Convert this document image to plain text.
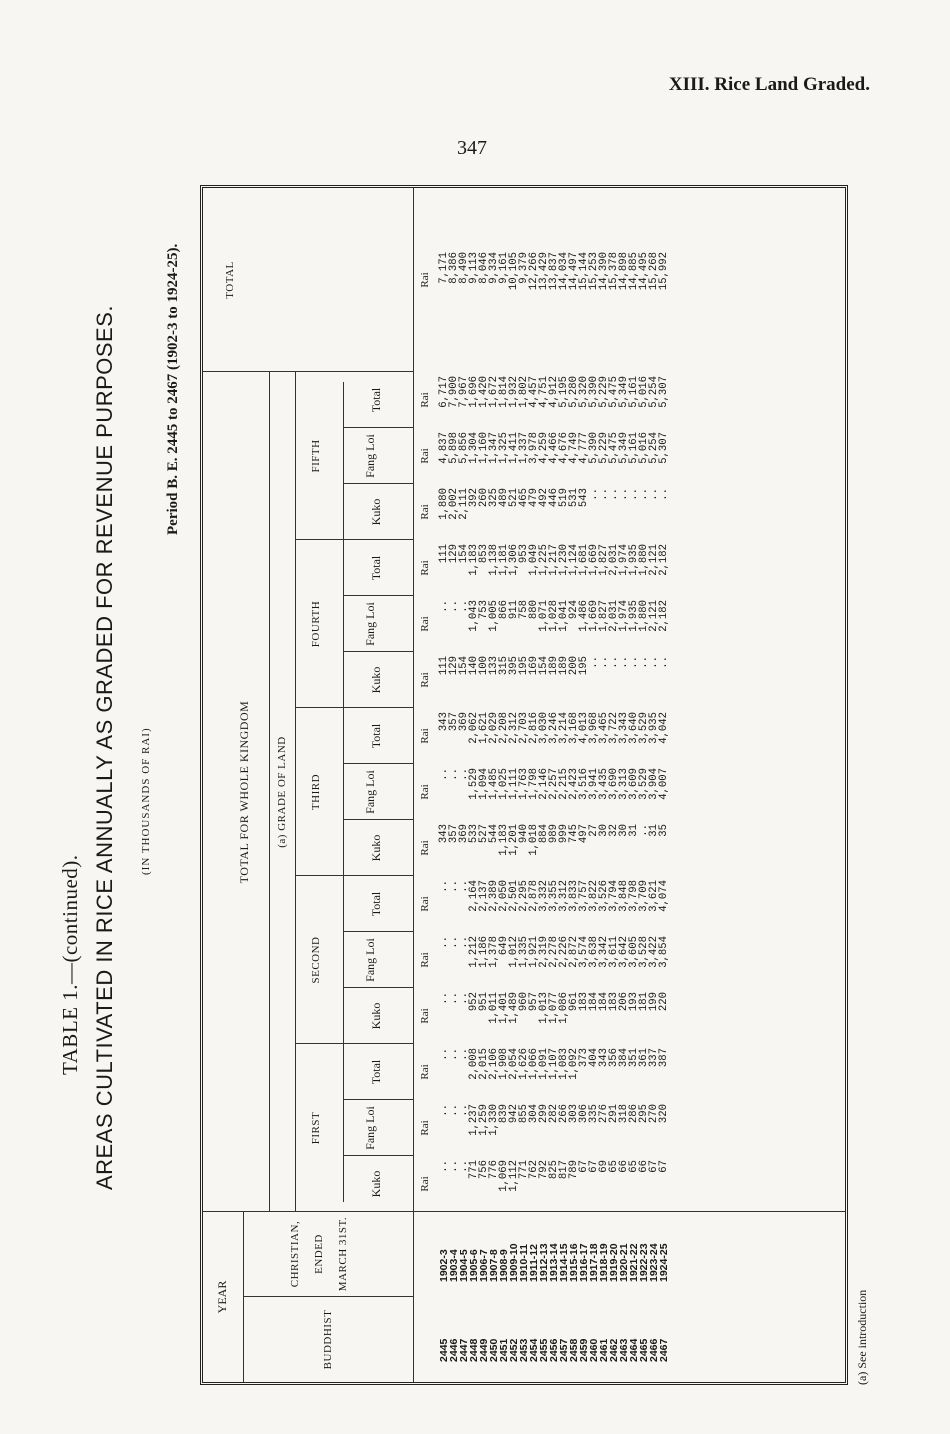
XIII. Rice Land Graded.
347
TABLE 1.—(continued). AREAS CULTIVATED IN RICE ANNUALLY AS GRADED FOR REVENUE PURPOSES. (IN THOUSANDS OF RAI)
Period B. E. 2445 to 2467 (1902-3 to 1924-25).
YEAR
BUDDHIST
CHRISTIAN, ENDED MARCH 31ST.
TOTAL FOR WHOLE KINGDOM (a) GRADE OF LAND
FIRST
SECOND
THIRD
FOURTH
FIFTH
TOTAL
Kuko
Fang Loi
Total
Kuko
Fang Loi
Total
Kuko
Fang Loi
Total
Kuko
Fang Loi
Total
Kuko
Fang Loi
Total
Rai
Rai
Rai
Rai
Rai
Rai
Rai
Rai
Rai
Rai
Rai
Rai
Rai
Rai
Rai
Rai
2445
2446
2447
2448
2449
2450
2451
2452
2453
2454
2455
2456
2457
2458
2459
2460
2461
2462
2463
2464
2465
2466
2467
1902-3
1903-4
1904-5
1905-6
1906-7
1907-8
1908-9
1909-10
1910-11
1911-12
1912-13
1913-14
1914-15
1915-16
1916-17
1917-18
1918-19
1919-20
1920-21
1921-22
1922-23
1923-24
1924-25
..
..
..
771
756
776
1,069
1,112
771
762
792
825
817
789
67
67
69
65
66
65
66
67
67
..
..
..
1,237
1,259
1,330
839
942
855
304
299
282
266
303
306
335
276
291
318
286
295
270
320
..
..
..
2,008
2,015
2,106
1,908
2,054
1,626
1,066
1,091
1,107
1,083
1,092
373
404
343
356
384
351
361
337
387
..
..
..
952
951
1,011
1,401
1,489
960
957
1,013
1,077
1,086
961
183
184
184
183
206
193
181
199
220
..
..
..
1,212
1,186
1,378
649
1,012
1,335
1,921
2,319
2,278
2,226
2,872
3,574
3,638
3,342
3,611
3,642
3,605
3,528
3,422
3,854
..
..
..
2,164
2,137
2,389
2,050
2,501
2,295
2,878
3,332
3,355
3,312
3,833
3,757
3,822
3,526
3,794
3,848
3,798
3,709
3,621
4,074
343
357
369
533
527
544
1,183
1,201
940
1,018
884
989
999
745
497
27
30
32
30
31
..
31
35
..
..
..
1,529
1,094
1,485
1,025
1,111
1,763
1,798
2,146
2,257
2,215
2,423
3,516
3,941
3,435
3,690
3,313
3,609
3,529
3,904
4,007
343
357
369
2,062
1,621
2,029
2,208
2,312
2,703
2,816
3,030
3,246
3,214
3,168
4,013
3,968
3,465
3,722
3,343
3,640
3,529
3,935
4,042
111
129
154
140
100
133
315
395
195
169
154
189
189
200
195
..
..
..
..
..
..
..
..
..
..
..
1,043
753
1,005
866
911
758
880
1,071
1,028
1,041
924
1,486
1,669
1,827
2,031
1,974
1,935
1,880
2,121
2,182
111
129
154
1,183
853
1,138
1,181
1,306
953
1,049
1,225
1,217
1,230
1,124
1,681
1,669
1,827
2,031
1,974
1,935
1,880
2,121
2,182
1,880
2,002
2,111
392
260
325
489
521
465
479
492
446
519
531
543
..
..
..
..
..
..
..
..
4,837
5,898
5,856
1,304
1,160
1,347
1,325
1,411
1,337
3,978
4,259
4,466
4,676
4,749
4,777
5,390
5,229
5,475
5,349
5,161
5,016
5,254
5,307
6,717
7,900
7,967
1,696
1,420
1,672
1,814
1,932
1,802
4,457
4,751
4,912
5,195
5,280
5,320
5,390
5,229
5,475
5,349
5,161
5,016
5,254
5,307
7,171
8,386
8,490
9,113
8,046
9,334
9,161
10,105
9,379
12,266
13,429
13,837
14,034
14,497
15,144
15,253
14,390
15,378
14,898
14,885
14,495
15,268
15,992
(a) See introduction
